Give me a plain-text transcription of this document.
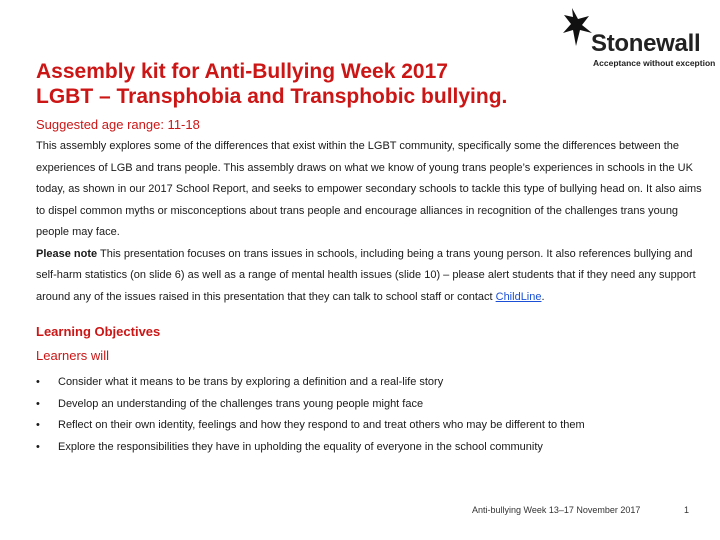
Stonewall
Acceptance without exception
Assembly kit for Anti-Bullying Week 2017
LGBT – Transphobia and Transphobic bullying.
Suggested age range: 11-18

This assembly explores some of the differences that exist within the LGBT community, specifically some the differences between the experiences of LGB and trans people. This assembly draws on what we know of young trans people’s experiences in schools in the UK today, as shown in our 2017 School Report, and seeks to empower secondary schools to tackle this type of bullying head on. It also aims to dispel common myths or misconceptions about trans people and encourage alliances in recognition of the challenges trans young people may face.

Please note This presentation focuses on trans issues in schools, including being a trans young person. It also references bullying and self-harm statistics (on slide 6) as well as a range of mental health issues (slide 10) – please alert students that if they need any support around any of the issues raised in this presentation that they can talk to school staff or contact ChildLine.

Learning Objectives
Learners will
• Consider what it means to be trans by exploring a definition and a real-life story
• Develop an understanding of the challenges trans young people might face
• Reflect on their own identity, feelings and how they respond to and treat others who may be different to them
• Explore the responsibilities they have in upholding the equality of everyone in the school community
Anti-bullying Week 13–17 November 2017	1
